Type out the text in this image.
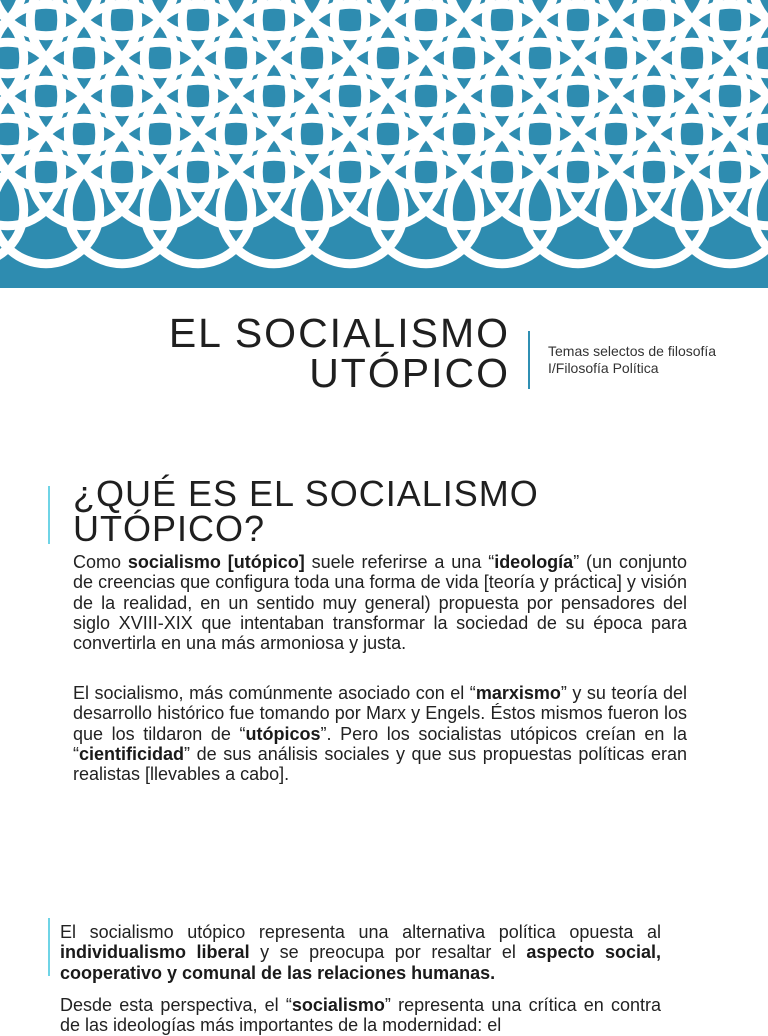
EL SOCIALISMO
UTÓPICO	Temas selectos de filosofía I/Filosofía Política
¿QUÉ ES EL SOCIALISMO
UTÓPICO?

Como socialismo [utópico] suele referirse a una “ideología” (un conjunto de creencias que configura toda una forma de vida [teoría y práctica] y visión de la realidad, en un sentido muy general) propuesta por pensadores del siglo XVIII-XIX que intentaban transformar la sociedad de su época para convertirla en una más armoniosa y justa.

El socialismo, más comúnmente asociado con el “marxismo” y su teoría del desarrollo histórico fue tomando por Marx y Engels. Éstos mismos fueron los que los tildaron de “utópicos”. Pero los socialistas utópicos creían en la “cientificidad” de sus análisis sociales y que sus propuestas políticas eran realistas [llevables a cabo].

El socialismo utópico representa una alternativa política opuesta al individualismo liberal y se preocupa por resaltar el aspecto social, cooperativo y comunal de las relaciones humanas.

Desde esta perspectiva, el “socialismo” representa una crítica en contra de las ideologías más importantes de la modernidad: el
